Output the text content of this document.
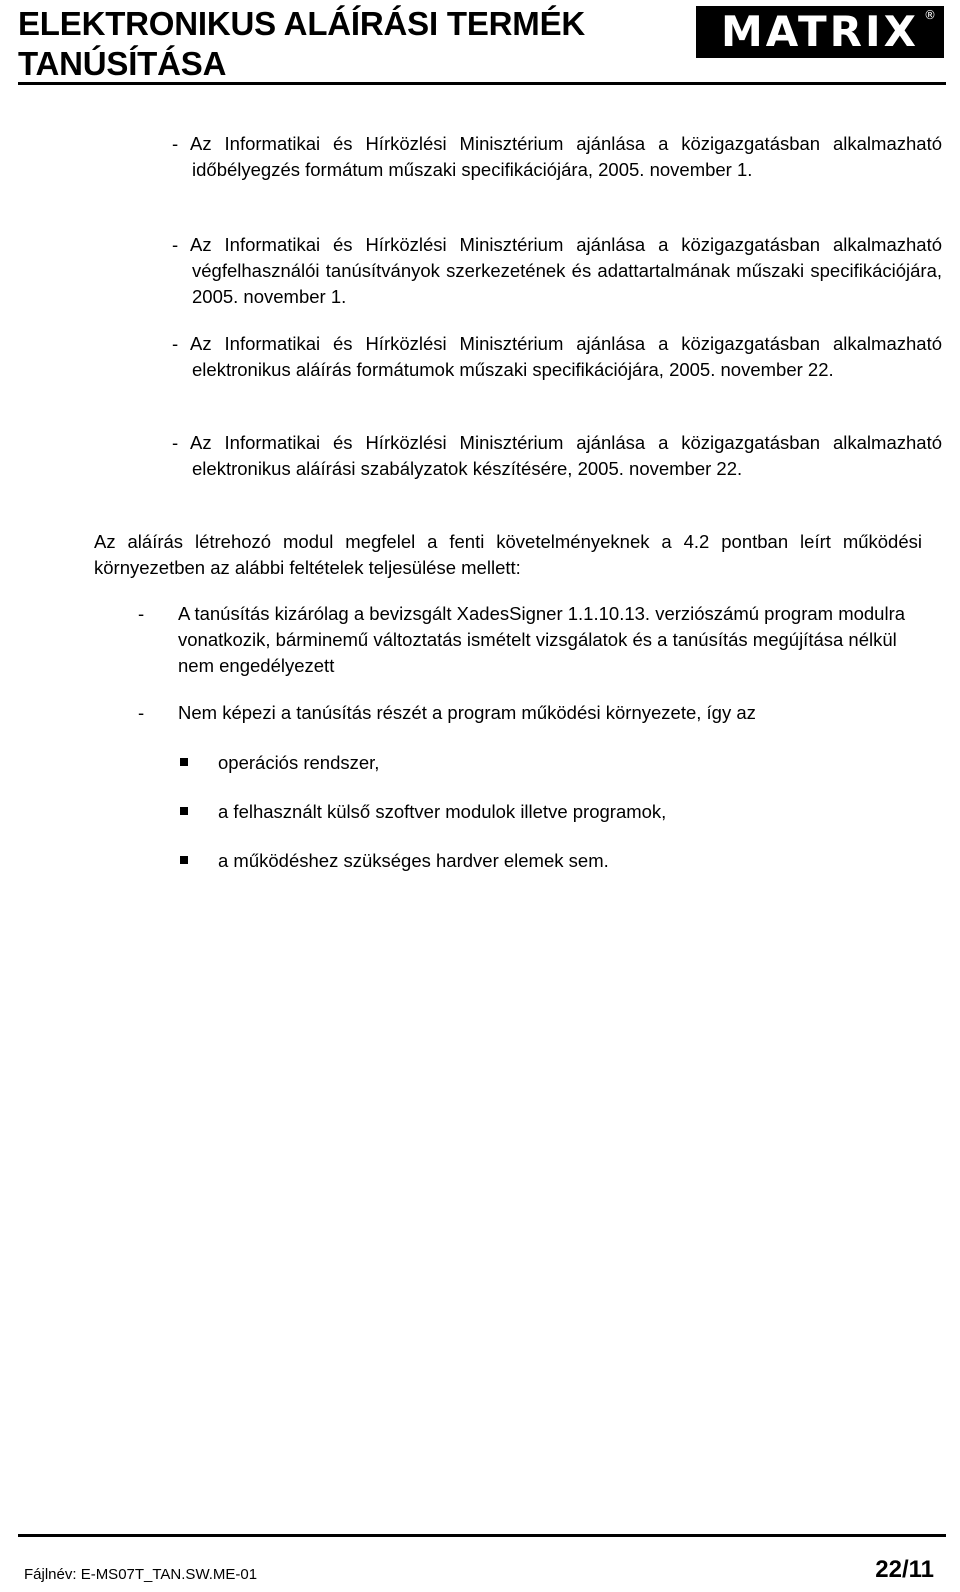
ELEKTRONIKUS ALÁÍRÁSI TERMÉK TANÚSÍTÁSA
MATRIX ®

- Az Informatikai és Hírközlési Minisztérium ajánlása a közigazgatásban alkalmazható időbélyegzés formátum műszaki specifikációjára, 2005. november 1.

- Az Informatikai és Hírközlési Minisztérium ajánlása a közigazgatásban alkalmazható végfelhasználói tanúsítványok szerkezetének és adattartalmának műszaki specifikációjára, 2005. november 1.

- Az Informatikai és Hírközlési Minisztérium ajánlása a közigazgatásban alkalmazható elektronikus aláírás formátumok műszaki specifikációjára, 2005. november 22.

- Az Informatikai és Hírközlési Minisztérium ajánlása a közigazgatásban alkalmazható elektronikus aláírási szabályzatok készítésére, 2005. november 22.

Az aláírás létrehozó modul megfelel a fenti követelményeknek a 4.2 pontban leírt működési környezetben az alábbi feltételek teljesülése mellett:

- A tanúsítás kizárólag a bevizsgált XadesSigner 1.1.10.13. verziószámú program modulra vonatkozik, bárminemű változtatás ismételt vizsgálatok és a tanúsítás megújítása nélkül nem engedélyezett
- Nem képezi a tanúsítás részét a program működési környezete, így az
operációs rendszer,
a felhasznált külső szoftver modulok illetve programok,
a működéshez szükséges hardver elemek sem.
Fájlnév: E-MS07T_TAN.SW.ME-01	22/11
